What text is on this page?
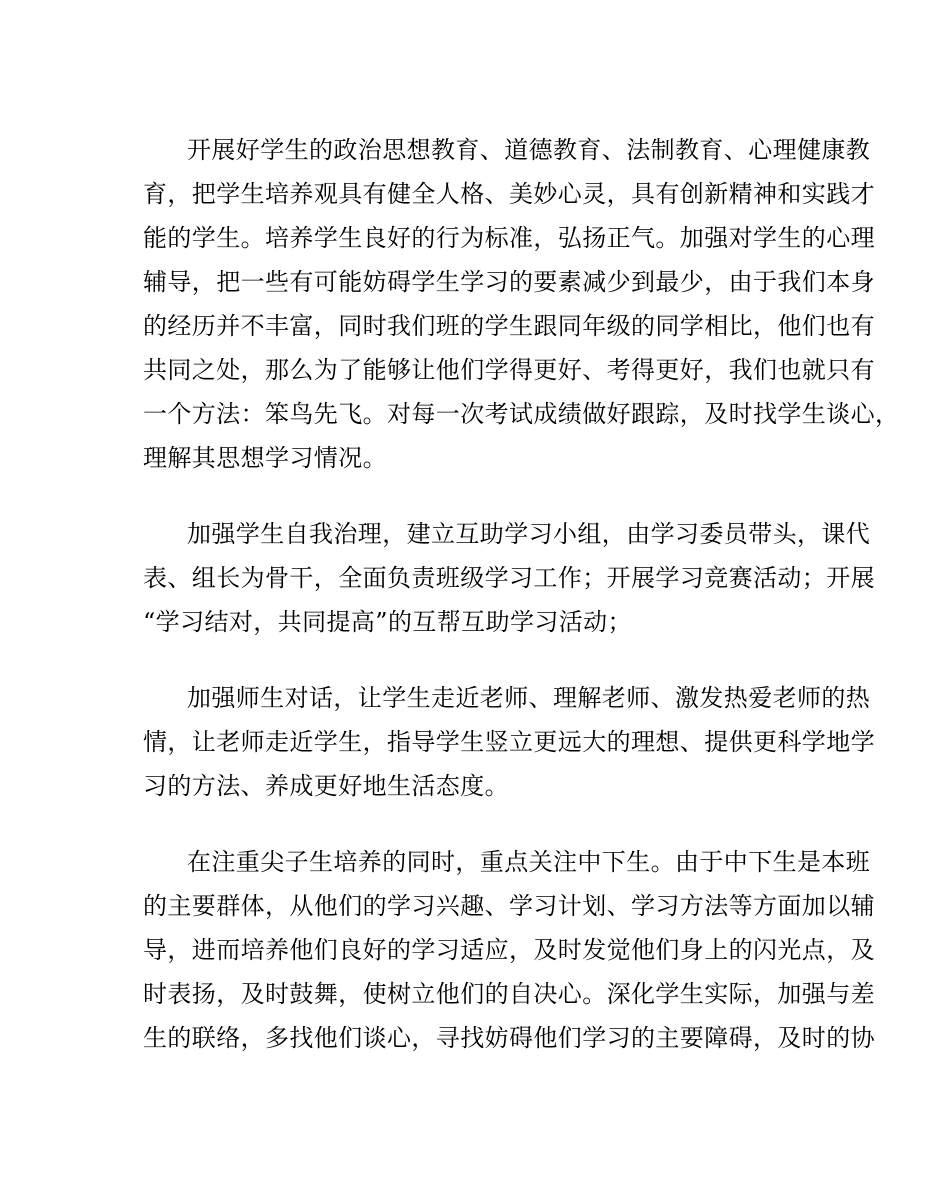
开展好学生的政治思想教育、道德教育、法制教育、心理健康教
育，把学生培养观具有健全人格、美妙心灵，具有创新精神和实践才
能的学生。培养学生良好的行为标准，弘扬正气。加强对学生的心理
辅导，把一些有可能妨碍学生学习的要素减少到最少，由于我们本身
的经历并不丰富，同时我们班的学生跟同年级的同学相比，他们也有
共同之处，那么为了能够让他们学得更好、考得更好，我们也就只有
一个方法：笨鸟先飞。对每一次考试成绩做好跟踪，及时找学生谈心，
理解其思想学习情况。
加强学生自我治理，建立互助学习小组，由学习委员带头，课代
表、组长为骨干，全面负责班级学习工作；开展学习竞赛活动；开展
“学习结对，共同提高”的互帮互助学习活动；
加强师生对话，让学生走近老师、理解老师、激发热爱老师的热
情，让老师走近学生，指导学生竖立更远大的理想、提供更科学地学
习的方法、养成更好地生活态度。
在注重尖子生培养的同时，重点关注中下生。由于中下生是本班
的主要群体，从他们的学习兴趣、学习计划、学习方法等方面加以辅
导，进而培养他们良好的学习适应，及时发觉他们身上的闪光点，及
时表扬，及时鼓舞，使树立他们的自决心。深化学生实际，加强与差
生的联络，多找他们谈心，寻找妨碍他们学习的主要障碍，及时的协
